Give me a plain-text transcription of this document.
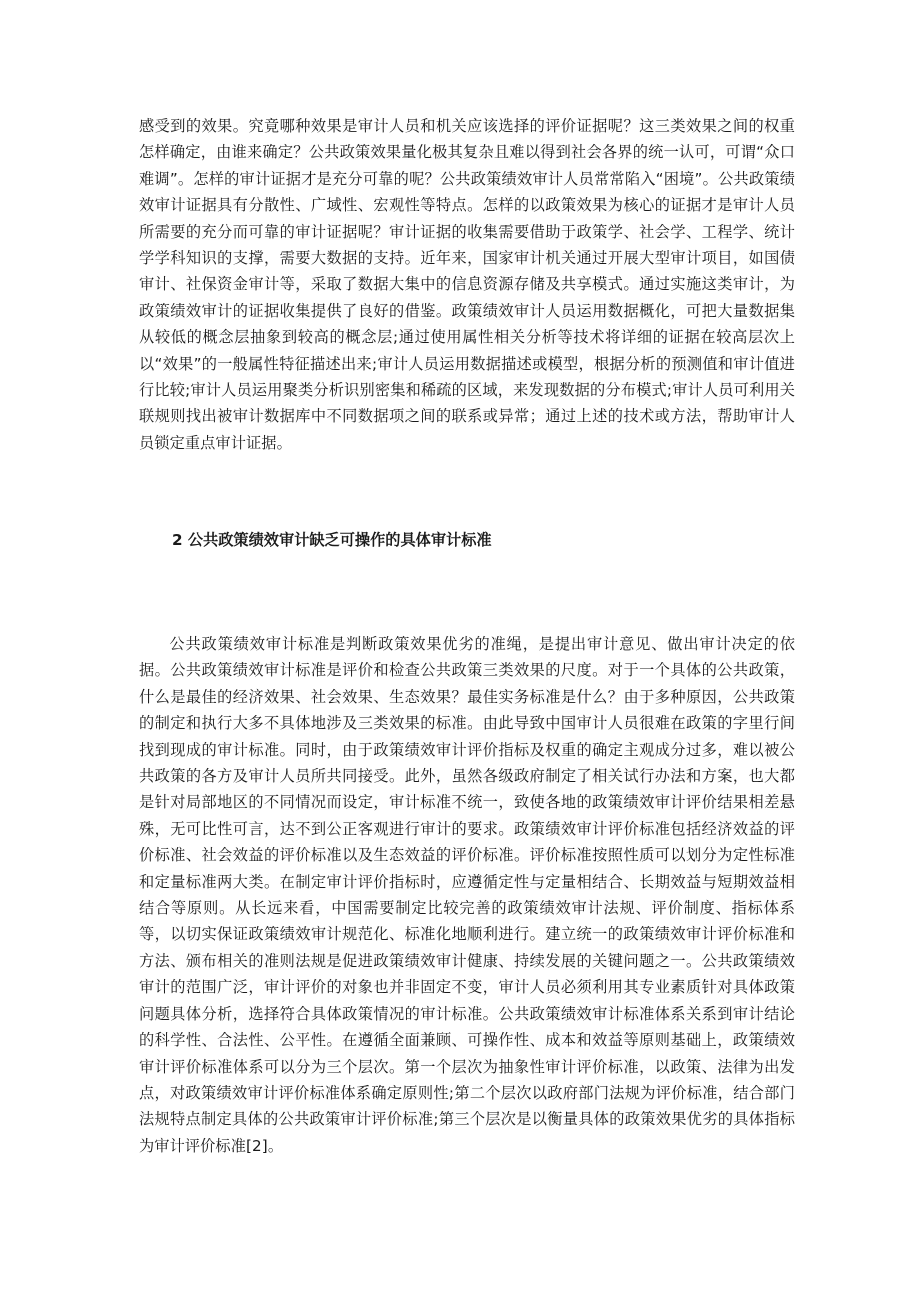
感受到的效果。究竟哪种效果是审计人员和机关应该选择的评价证据呢？这三类效果之间的权重怎样确定，由谁来确定？公共政策效果量化极其复杂且难以得到社会各界的统一认可，可谓“众口难调”。怎样的审计证据才是充分可靠的呢？公共政策绩效审计人员常常陷入“困境”。公共政策绩效审计证据具有分散性、广域性、宏观性等特点。怎样的以政策效果为核心的证据才是审计人员所需要的充分而可靠的审计证据呢？审计证据的收集需要借助于政策学、社会学、工程学、统计学学科知识的支撑，需要大数据的支持。近年来，国家审计机关通过开展大型审计项目，如国债审计、社保资金审计等，采取了数据大集中的信息资源存储及共享模式。通过实施这类审计，为政策绩效审计的证据收集提供了良好的借鉴。政策绩效审计人员运用数据概化，可把大量数据集从较低的概念层抽象到较高的概念层;通过使用属性相关分析等技术将详细的证据在较高层次上以“效果”的一般属性特征描述出来;审计人员运用数据描述或模型，根据分析的预测值和审计值进行比较;审计人员运用聚类分析识别密集和稀疏的区域，来发现数据的分布模式;审计人员可利用关联规则找出被审计数据库中不同数据项之间的联系或异常；通过上述的技术或方法，帮助审计人员锁定重点审计证据。

2 公共政策绩效审计缺乏可操作的具体审计标准

公共政策绩效审计标准是判断政策效果优劣的准绳，是提出审计意见、做出审计决定的依据。公共政策绩效审计标准是评价和检查公共政策三类效果的尺度。对于一个具体的公共政策，什么是最佳的经济效果、社会效果、生态效果？最佳实务标准是什么？由于多种原因，公共政策的制定和执行大多不具体地涉及三类效果的标准。由此导致中国审计人员很难在政策的字里行间找到现成的审计标准。同时，由于政策绩效审计评价指标及权重的确定主观成分过多，难以被公共政策的各方及审计人员所共同接受。此外，虽然各级政府制定了相关试行办法和方案，也大都是针对局部地区的不同情况而设定，审计标准不统一，致使各地的政策绩效审计评价结果相差悬殊，无可比性可言，达不到公正客观进行审计的要求。政策绩效审计评价标准包括经济效益的评价标准、社会效益的评价标准以及生态效益的评价标准。评价标准按照性质可以划分为定性标准和定量标准两大类。在制定审计评价指标时，应遵循定性与定量相结合、长期效益与短期效益相结合等原则。从长远来看，中国需要制定比较完善的政策绩效审计法规、评价制度、指标体系等，以切实保证政策绩效审计规范化、标准化地顺利进行。建立统一的政策绩效审计评价标准和方法、颁布相关的准则法规是促进政策绩效审计健康、持续发展的关键问题之一。公共政策绩效审计的范围广泛，审计评价的对象也并非固定不变，审计人员必须利用其专业素质针对具体政策问题具体分析，选择符合具体政策情况的审计标准。公共政策绩效审计标准体系关系到审计结论的科学性、合法性、公平性。在遵循全面兼顾、可操作性、成本和效益等原则基础上，政策绩效审计评价标准体系可以分为三个层次。第一个层次为抽象性审计评价标准，以政策、法律为出发点，对政策绩效审计评价标准体系确定原则性;第二个层次以政府部门法规为评价标准，结合部门法规特点制定具体的公共政策审计评价标准;第三个层次是以衡量具体的政策效果优劣的具体指标为审计评价标准[2]。
